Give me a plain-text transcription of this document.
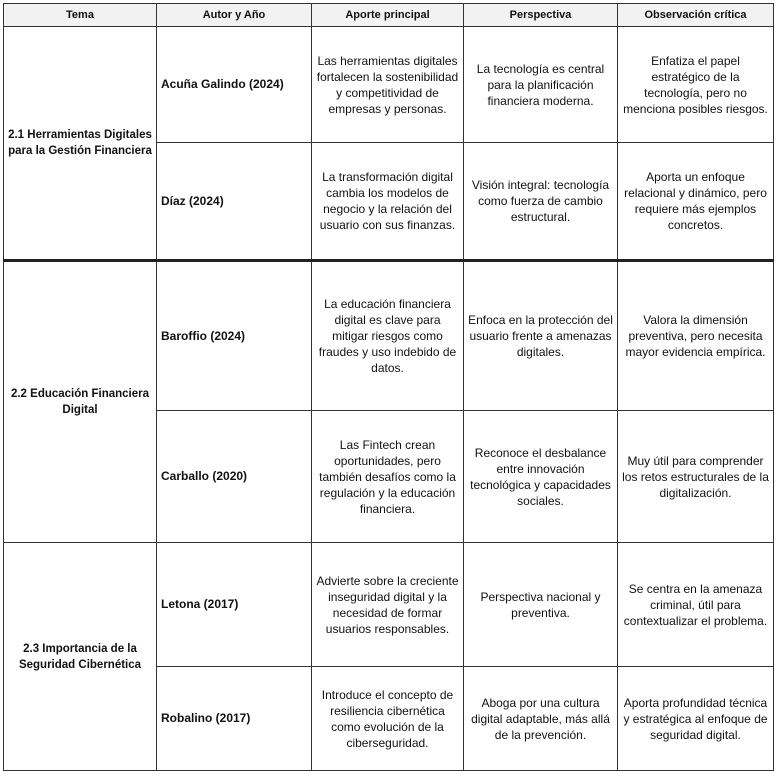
Tema	Autor y Año	Aporte principal	Perspectiva	Observación crítica
2.1 Herramientas Digitales para la Gestión Financiera	Acuña Galindo (2024)	Las herramientas digitales fortalecen la sostenibilidad y competitividad de empresas y personas.	La tecnología es central para la planificación financiera moderna.	Enfatiza el papel estratégico de la tecnología, pero no menciona posibles riesgos.
	Díaz (2024)	La transformación digital cambia los modelos de negocio y la relación del usuario con sus finanzas.	Visión integral: tecnología como fuerza de cambio estructural.	Aporta un enfoque relacional y dinámico, pero requiere más ejemplos concretos.
2.2 Educación Financiera Digital	Baroffio (2024)	La educación financiera digital es clave para mitigar riesgos como fraudes y uso indebido de datos.	Enfoca en la protección del usuario frente a amenazas digitales.	Valora la dimensión preventiva, pero necesita mayor evidencia empírica.
	Carballo (2020)	Las Fintech crean oportunidades, pero también desafíos como la regulación y la educación financiera.	Reconoce el desbalance entre innovación tecnológica y capacidades sociales.	Muy útil para comprender los retos estructurales de la digitalización.
2.3 Importancia de la Seguridad Cibernética	Letona (2017)	Advierte sobre la creciente inseguridad digital y la necesidad de formar usuarios responsables.	Perspectiva nacional y preventiva.	Se centra en la amenaza criminal, útil para contextualizar el problema.
	Robalino (2017)	Introduce el concepto de resiliencia cibernética como evolución de la ciberseguridad.	Aboga por una cultura digital adaptable, más allá de la prevención.	Aporta profundidad técnica y estratégica al enfoque de seguridad digital.
